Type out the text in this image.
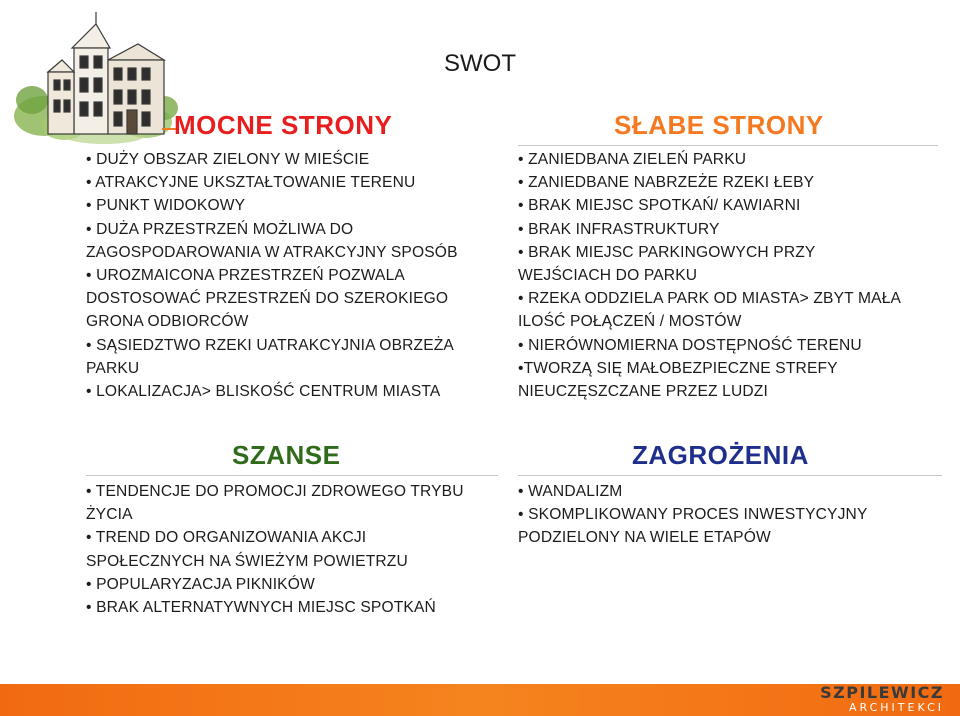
SWOT
MOCNE STRONY
• DUŻY OBSZAR ZIELONY W MIEŚCIE
• ATRAKCYJNE UKSZTAŁTOWANIE TERENU
• PUNKT WIDOKOWY
• DUŻA PRZESTRZEŃ MOŻLIWA DO
ZAGOSPODAROWANIA W ATRAKCYJNY SPOSÓB
• UROZMAICONA PRZESTRZEŃ POZWALA
DOSTOSOWAĆ PRZESTRZEŃ DO SZEROKIEGO
GRONA ODBIORCÓW
• SĄSIEDZTWO RZEKI UATRAKCYJNIA OBRZEŻA
PARKU
• LOKALIZACJA> BLISKOŚĆ CENTRUM MIASTA
SŁABE STRONY
• ZANIEDBANA ZIELEŃ PARKU
• ZANIEDBANE NABRZEŻE RZEKI ŁEBY
• BRAK MIEJSC SPOTKAŃ/ KAWIARNI
• BRAK INFRASTRUKTURY
• BRAK MIEJSC PARKINGOWYCH PRZY
WEJŚCIACH DO PARKU
• RZEKA ODDZIELA PARK OD MIASTA> ZBYT MAŁA
ILOŚĆ POŁĄCZEŃ / MOSTÓW
• NIERÓWNOMIERNA DOSTĘPNOŚĆ TERENU
•TWORZĄ SIĘ MAŁOBEZPIECZNE STREFY
NIEUCZĘSZCZANE PRZEZ LUDZI
SZANSE
• TENDENCJE DO PROMOCJI ZDROWEGO TRYBU
ŻYCIA
• TREND DO ORGANIZOWANIA AKCJI
SPOŁECZNYCH NA ŚWIEŻYM POWIETRZU
• POPULARYZACJA PIKNIKÓW
• BRAK ALTERNATYWNYCH MIEJSC SPOTKAŃ
ZAGROŻENIA
• WANDALIZM
• SKOMPLIKOWANY PROCES INWESTYCYJNY
PODZIELONY NA WIELE ETAPÓW
SZPILEWICZ
ARCHITEKCI
